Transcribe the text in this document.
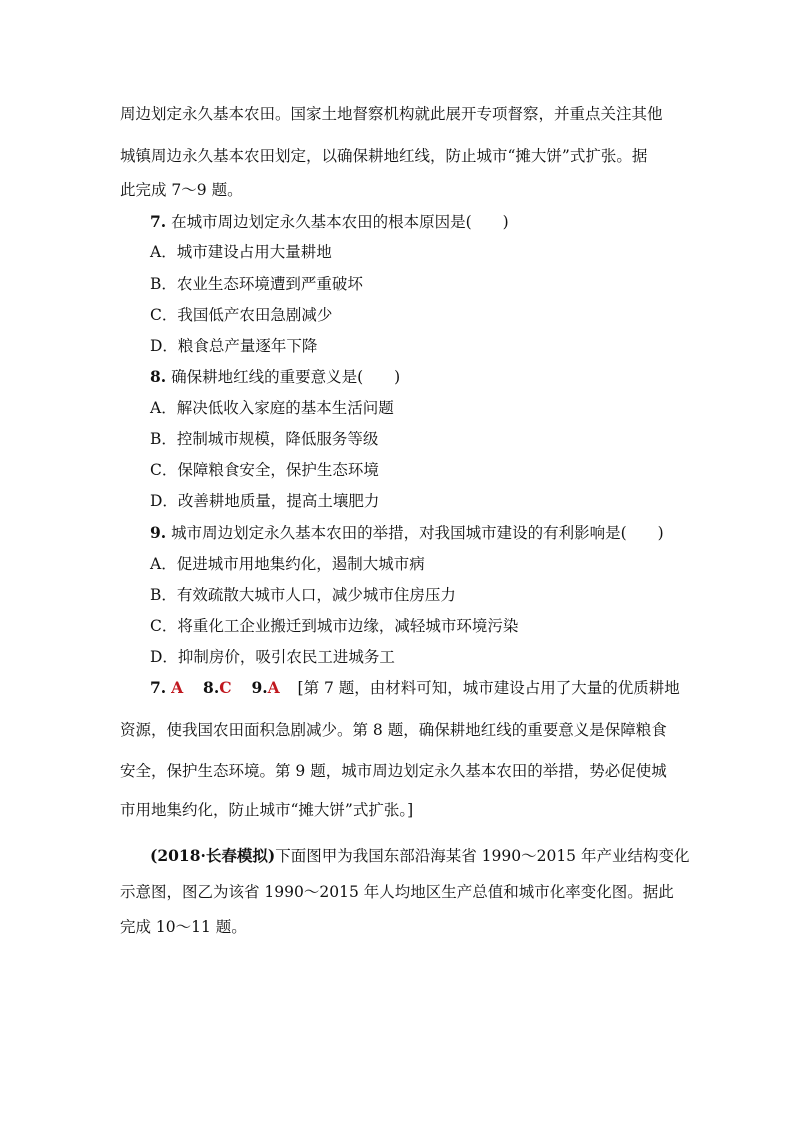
周边划定永久基本农田。国家土地督察机构就此展开专项督察，并重点关注其他
城镇周边永久基本农田划定，以确保耕地红线，防止城市“摊大饼”式扩张。据
此完成 7～9 题。
7. 在城市周边划定永久基本农田的根本原因是(　　)
A．城市建设占用大量耕地
B．农业生态环境遭到严重破坏
C．我国低产农田急剧减少
D．粮食总产量逐年下降
8. 确保耕地红线的重要意义是(　　)
A．解决低收入家庭的基本生活问题
B．控制城市规模，降低服务等级
C．保障粮食安全，保护生态环境
D．改善耕地质量，提高土壤肥力
9. 城市周边划定永久基本农田的举措，对我国城市建设的有利影响是(　　)
A．促进城市用地集约化，遏制大城市病
B．有效疏散大城市人口，减少城市住房压力
C．将重化工企业搬迁到城市边缘，减轻城市环境污染
D．抑制房价，吸引农民工进城务工
7. A 8.C 9.A [第 7 题，由材料可知，城市建设占用了大量的优质耕地
资源，使我国农田面积急剧减少。第 8 题，确保耕地红线的重要意义是保障粮食
安全，保护生态环境。第 9 题，城市周边划定永久基本农田的举措，势必促使城
市用地集约化，防止城市“摊大饼”式扩张。]
(2018·长春模拟)下面图甲为我国东部沿海某省 1990～2015 年产业结构变化
示意图，图乙为该省 1990～2015 年人均地区生产总值和城市化率变化图。据此
完成 10～11 题。
